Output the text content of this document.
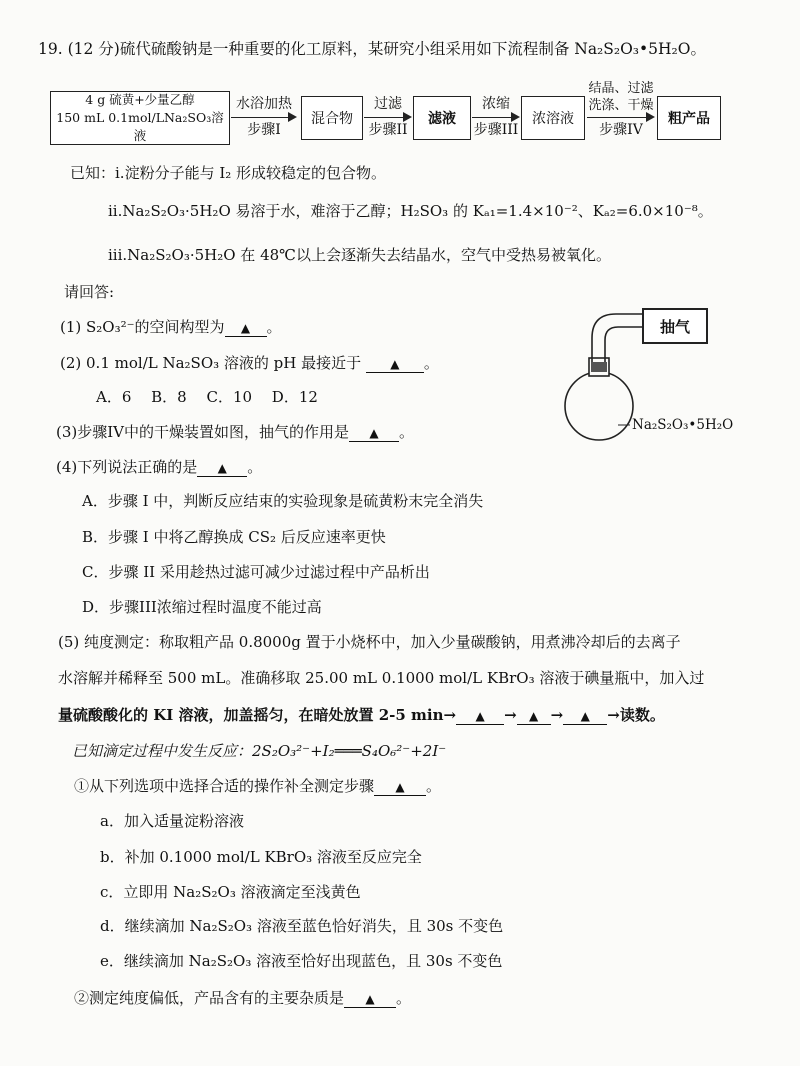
19. (12 分)硫代硫酸钠是一种重要的化工原料，某研究小组采用如下流程制备 Na₂S₂O₃•5H₂O。
4 g 硫黄+少量乙醇
150 mL 0.1mol/LNa₂SO₃溶液
水浴加热
步骤I
混合物
过滤
步骤II
滤液
浓缩
步骤III
浓溶液
结晶、过滤
洗涤、干燥
步骤IV
粗产品
已知：i.淀粉分子能与 I₂ 形成较稳定的包合物。
ii.Na₂S₂O₃·5H₂O 易溶于水，难溶于乙醇；H₂SO₃ 的 Kₐ₁=1.4×10⁻²、Kₐ₂=6.0×10⁻⁸。
iii.Na₂S₂O₃·5H₂O 在 48℃以上会逐渐失去结晶水，空气中受热易被氧化。
请回答:
(1) S₂O₃²⁻的空间构型为 ▲ 。
(2) 0.1 mol/L Na₂SO₃ 溶液的 pH 最接近于 ▲ 。
A．6　 B．8　 C．10　 D．12
(3)步骤IV中的干燥装置如图，抽气的作用是 ▲ 。
(4)下列说法正确的是 ▲ 。
A．步骤 I 中，判断反应结束的实验现象是硫黄粉末完全消失
B．步骤 I 中将乙醇换成 CS₂ 后反应速率更快
C．步骤 II 采用趁热过滤可减少过滤过程中产品析出
D．步骤III浓缩过程时温度不能过高
(5) 纯度测定：称取粗产品 0.8000g 置于小烧杯中，加入少量碳酸钠，用煮沸冷却后的去离子
水溶解并稀释至 500 mL。准确移取 25.00 mL 0.1000 mol/L KBrO₃ 溶液于碘量瓶中，加入过
量硫酸酸化的 KI 溶液，加盖摇匀，在暗处放置 2-5 min→ ▲ → ▲ → ▲ →读数。
已知滴定过程中发生反应：2S₂O₃²⁻+I₂═══S₄O₆²⁻+2I⁻
①从下列选项中选择合适的操作补全测定步骤 ▲ 。
a．加入适量淀粉溶液
b．补加 0.1000 mol/L KBrO₃ 溶液至反应完全
c．立即用 Na₂S₂O₃ 溶液滴定至浅黄色
d．继续滴加 Na₂S₂O₃ 溶液至蓝色恰好消失，且 30s 不变色
e．继续滴加 Na₂S₂O₃ 溶液至恰好出现蓝色，且 30s 不变色
②测定纯度偏低，产品含有的主要杂质是 ▲ 。
抽气
Na₂S₂O₃•5H₂O
